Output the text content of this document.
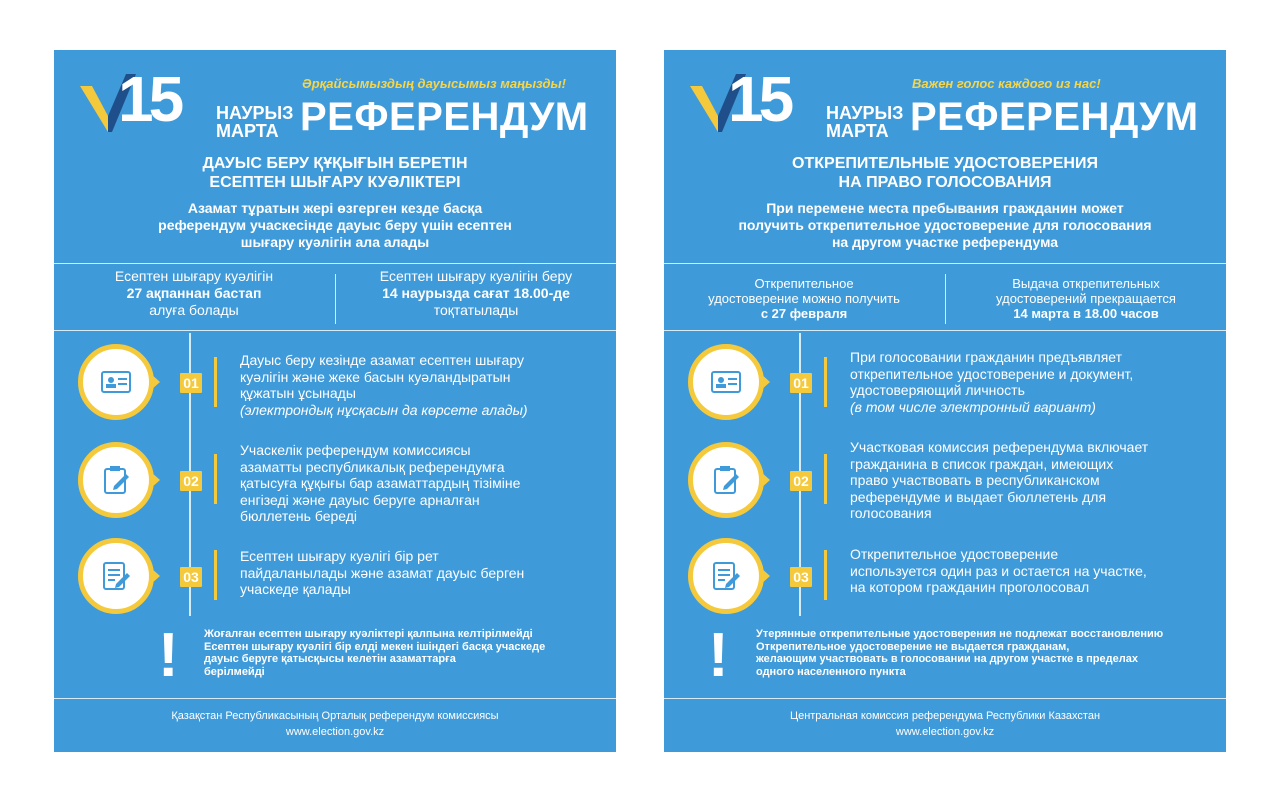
15 НАУРЫЗ
МАРТА
Әрқайсымыздың дауысымыз маңызды!
РЕФЕРЕНДУМ
ДАУЫС БЕРУ ҚҰҚЫҒЫН БЕРЕТІН
ЕСЕПТЕН ШЫҒАРУ КУӘЛІКТЕРІ
Азамат тұратын жері өзгерген кезде басқа
референдум учаскесінде дауыс беру үшін есептен
шығару куәлігін ала алады
Есептен шығару куәлігін
27 ақпаннан бастап
алуға болады
Есептен шығару куәлігін беру
14 наурызда сағат 18.00-де
тоқтатылады
01
Дауыс беру кезінде азамат есептен шығару
куәлігін және жеке басын куәландыратын
құжатын ұсынады
(электрондық нұсқасын да көрсете алады)
02
Учаскелік референдум комиссиясы
азаматты республикалық референдумға
қатысуға құқығы бар азаматтардың тізіміне
енгізеді және дауыс беруге арналған
бюллетень береді
03
Есептен шығару куәлігі бір рет
пайдаланылады және азамат дауыс берген
учаскеде қалады
! Жоғалған есептен шығару куәліктері қалпына келтірілмейді
Есептен шығару куәлігі бір елді мекен ішіндегі басқа учаскеде
дауыс беруге қатысқысы келетін азаматтарға
берілмейді
Қазақстан Республикасының Орталық референдум комиссиясы
www.election.gov.kz
15 НАУРЫЗ
МАРТА
Важен голос каждого из нас!
РЕФЕРЕНДУМ
ОТКРЕПИТЕЛЬНЫЕ УДОСТОВЕРЕНИЯ
НА ПРАВО ГОЛОСОВАНИЯ
При перемене места пребывания гражданин может
получить открепительное удостоверение для голосования
на другом участке референдума
Открепительное
удостоверение можно получить
с 27 февраля
Выдача открепительных
удостоверений прекращается
14 марта в 18.00 часов
01
При голосовании гражданин предъявляет
открепительное удостоверение и документ,
удостоверяющий личность
(в том числе электронный вариант)
02
Участковая комиссия референдума включает
гражданина в список граждан, имеющих
право участвовать в республиканском
референдуме и выдает бюллетень для
голосования
03
Открепительное удостоверение
используется один раз и остается на участке,
на котором гражданин проголосовал
! Утерянные открепительные удостоверения не подлежат восстановлению
Открепительное удостоверение не выдается гражданам,
желающим участвовать в голосовании на другом участке в пределах
одного населенного пункта
Центральная комиссия референдума Республики Казахстан
www.election.gov.kz
